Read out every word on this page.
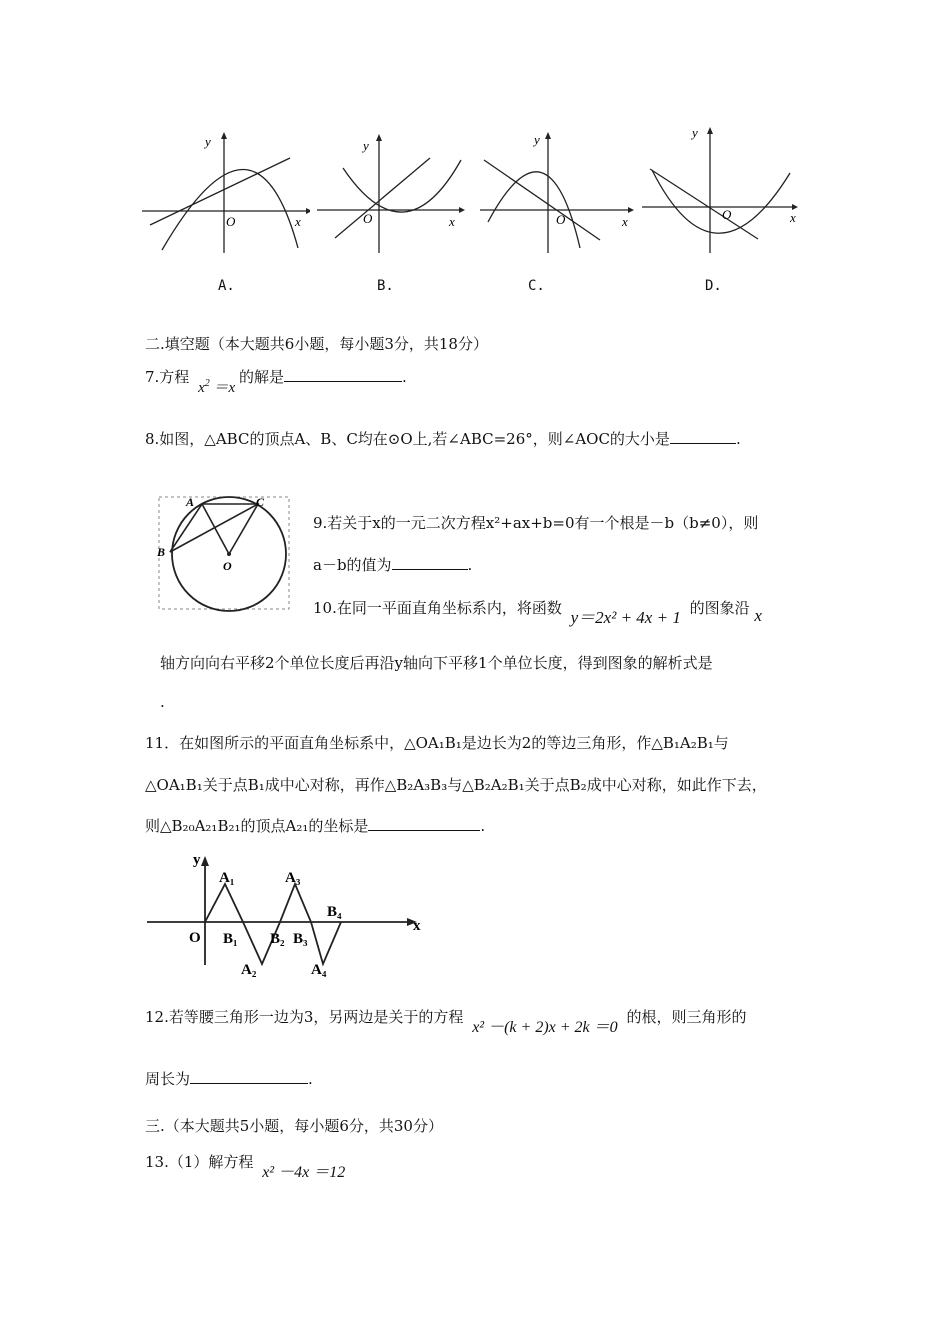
y
O	x
y
O	x
y
O	x
y
O	x
A.	B.	C.	D.
二.填空题（本大题共6小题，每小题3分，共18分）
7.方程 $x^2 =x$ 的解是	.
8.如图，△ABC的顶点A、B、C均在⊙O上,若∠ABC=26°，则∠AOC的大小是	.
A	C
B
O
9.若关于x的一元二次方程x²+ax+b=0有一个根是－b（b≠0），则
a－b的值为	.
10.在同一平面直角坐标系内，将函数 y＝2x² + 4x + 1 的图象沿 x
轴方向向右平移2个单位长度后再沿y轴向下平移1个单位长度，得到图象的解析式是
.
11．在如图所示的平面直角坐标系中，△OA₁B₁是边长为2的等边三角形，作△B₁A₂B₁与
△OA₁B₁关于点B₁成中心对称，再作△B₂A₃B₃与△B₂A₂B₁关于点B₂成中心对称，如此作下去，
则△B₂₀A₂₁B₂₁的顶点A₂₁的坐标是	.
y
x
O
A₁	A₃
B₁ B₂ B₃
B₄
A₂	A₄
12.若等腰三角形一边为3，另两边是关于的方程 x² －(k + 2)x + 2k ＝0 的根，则三角形的
周长为	.
三.（本大题共5小题，每小题6分，共30分）
13.（1）解方程 x² －4x ＝12
